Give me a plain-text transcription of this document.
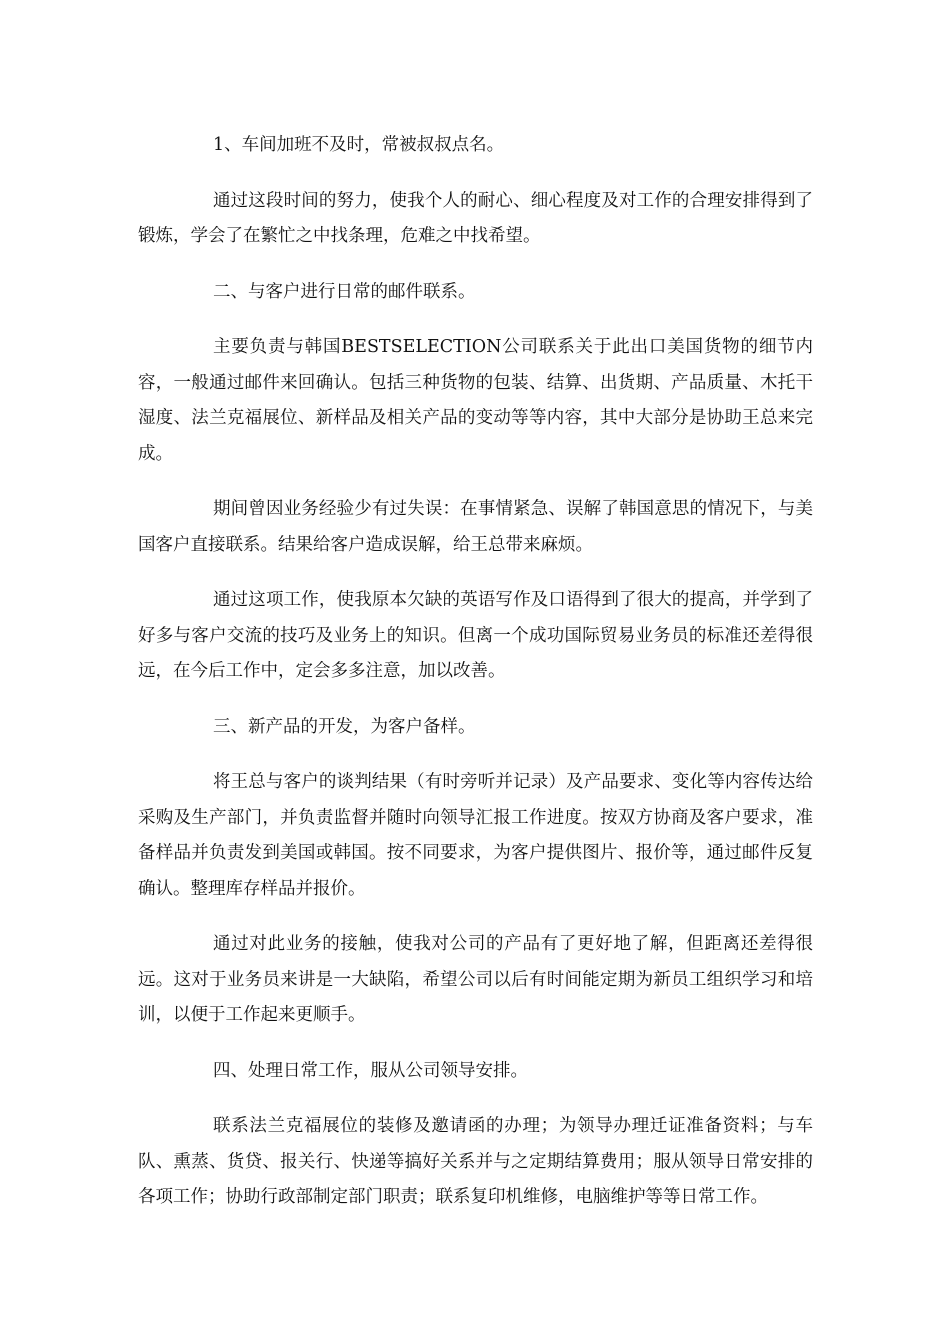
1、车间加班不及时，常被叔叔点名。

通过这段时间的努力，使我个人的耐心、细心程度及对工作的合理安排得到了锻炼，学会了在繁忙之中找条理，危难之中找希望。

二、与客户进行日常的邮件联系。

主要负责与韩国BESTSELECTION公司联系关于此出口美国货物的细节内容，一般通过邮件来回确认。包括三种货物的包装、结算、出货期、产品质量、木托干湿度、法兰克福展位、新样品及相关产品的变动等等内容，其中大部分是协助王总来完成。

期间曾因业务经验少有过失误：在事情紧急、误解了韩国意思的情况下，与美国客户直接联系。结果给客户造成误解，给王总带来麻烦。

通过这项工作，使我原本欠缺的英语写作及口语得到了很大的提高，并学到了好多与客户交流的技巧及业务上的知识。但离一个成功国际贸易业务员的标准还差得很远，在今后工作中，定会多多注意，加以改善。

三、新产品的开发，为客户备样。

将王总与客户的谈判结果（有时旁听并记录）及产品要求、变化等内容传达给采购及生产部门，并负责监督并随时向领导汇报工作进度。按双方协商及客户要求，准备样品并负责发到美国或韩国。按不同要求，为客户提供图片、报价等，通过邮件反复确认。整理库存样品并报价。

通过对此业务的接触，使我对公司的产品有了更好地了解，但距离还差得很远。这对于业务员来讲是一大缺陷，希望公司以后有时间能定期为新员工组织学习和培训，以便于工作起来更顺手。

四、处理日常工作，服从公司领导安排。

联系法兰克福展位的装修及邀请函的办理；为领导办理迁证准备资料；与车队、熏蒸、货贷、报关行、快递等搞好关系并与之定期结算费用；服从领导日常安排的各项工作；协助行政部制定部门职责；联系复印机维修，电脑维护等等日常工作。
